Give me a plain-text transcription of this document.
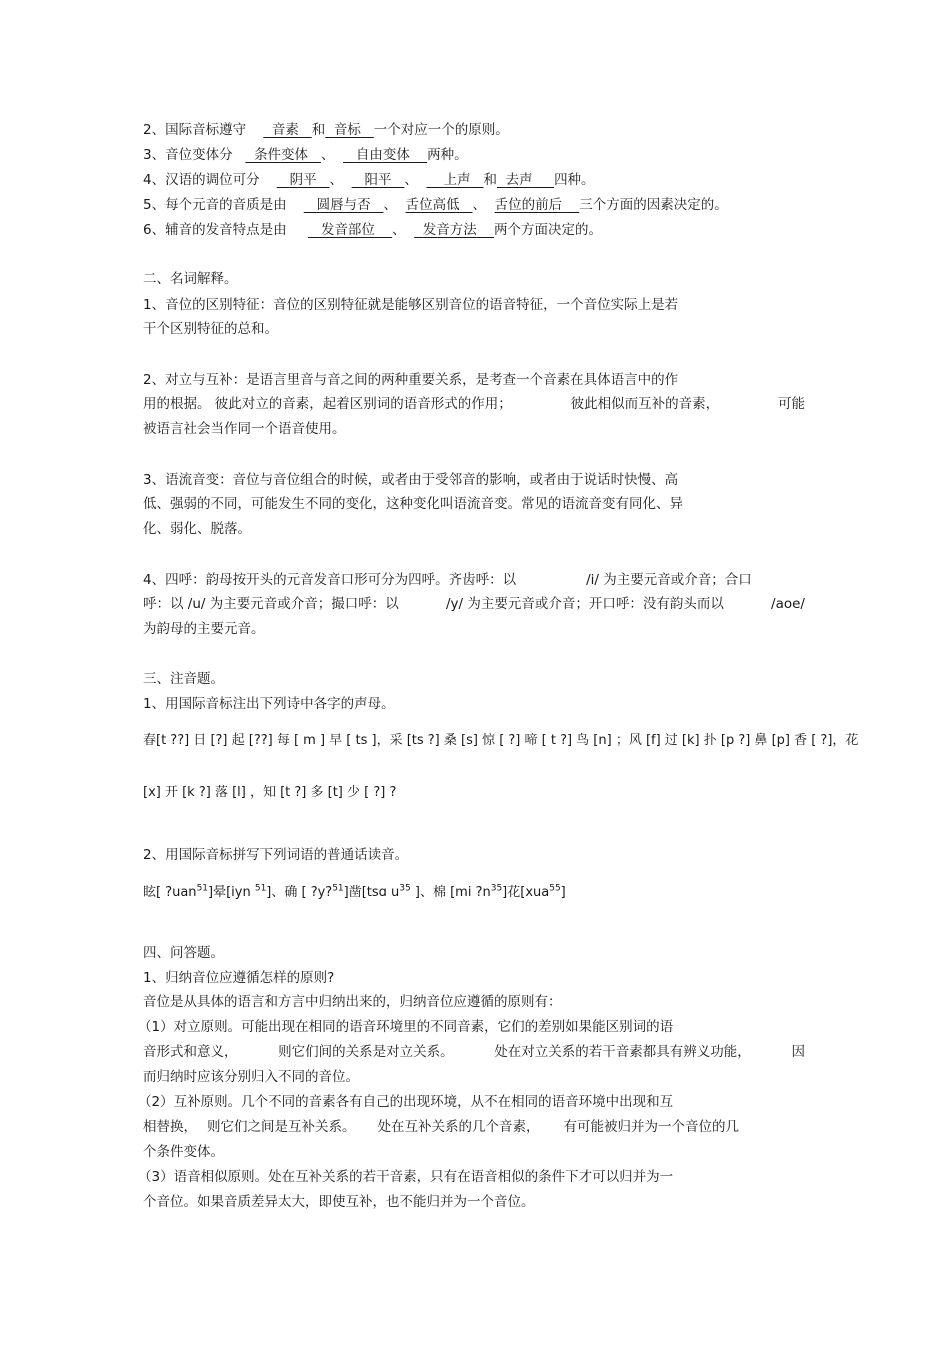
2、国际音标遵守 音素 和 音标 一个对应一个的原则。
3、音位变体分 条件变体 、 自由变体 两种。
4、汉语的调位可分 阴平 、 阳平 、 上声 和 去声 四种。
5、每个元音的音质是由 圆唇与否 、 舌位高低 、 舌位的前后 三个方面的因素决定的。
6、辅音的发音特点是由	发音部位 、 发音方法 两个方面决定的。
二、名词解释。
1、音位的区别特征：音位的区别特征就是能够区别音位的语音特征，一个音位实际上是若
干个区别特征的总和。
2、对立与互补：是语言里音与音之间的两种重要关系，是考查一个音素在具体语言中的作
用的根据。 彼此对立的音素，起着区别词的语音形式的作用；	彼此相似而互补的音素，	可能
被语言社会当作同一个语音使用。
3、语流音变：音位与音位组合的时候，或者由于受邻音的影响，或者由于说话时快慢、高
低、强弱的不同，可能发生不同的变化，这种变化叫语流音变。常见的语流音变有同化、异
化、弱化、脱落。
4、四呼：韵母按开头的元音发音口形可分为四呼。齐齿呼：以	/i/ 为主要元音或介音；合口
呼：以 /u/ 为主要元音或介音；撮口呼：以	/y/ 为主要元音或介音；开口呼：没有韵头而以	/aoe/
为韵母的主要元音。
三、注音题。
1、用国际音标注出下列诗中各字的声母。
春[t ??] 日 [?] 起 [??] 每 [ m ] 早 [ ts ]，采 [ts ?] 桑 [s] 惊 [ ?] 啼 [ t ?] 鸟 [n] ；风 [f] 过 [k] 扑 [p ?] 鼻 [p] 香 [ ?]，花
[x] 开 [k ?] 落 [l] ，知 [t ?] 多 [t] 少 [ ?] ?
2、用国际音标拼写下列词语的普通话读音。
眩[ ?uan$^{51}$]晕[iyn $^{51}$]、确 [ ?y?$^{51}$]凿[tsɑ $u^{35}$ ]、棉 [mi $?n^{35}$]花[xua$^{55}$]
四、问答题。
1、归纳音位应遵循怎样的原则?
音位是从具体的语言和方言中归纳出来的，归纳音位应遵循的原则有：
（1）对立原则。可能出现在相同的语音环境里的不同音素，它们的差别如果能区别词的语
音形式和意义，	则它们间的关系是对立关系。	处在对立关系的若干音素都具有辨义功能，	因
而归纳时应该分别归入不同的音位。
（2）互补原则。几个不同的音素各有自己的出现环境，从不在相同的语音环境中出现和互
相替换， 则它们之间是互补关系。 处在互补关系的几个音素， 有可能被归并为一个音位的几
个条件变体。
（3）语音相似原则。处在互补关系的若干音素，只有在语音相似的条件下才可以归并为一
个音位。如果音质差异太大，即使互补，也不能归并为一个音位。
